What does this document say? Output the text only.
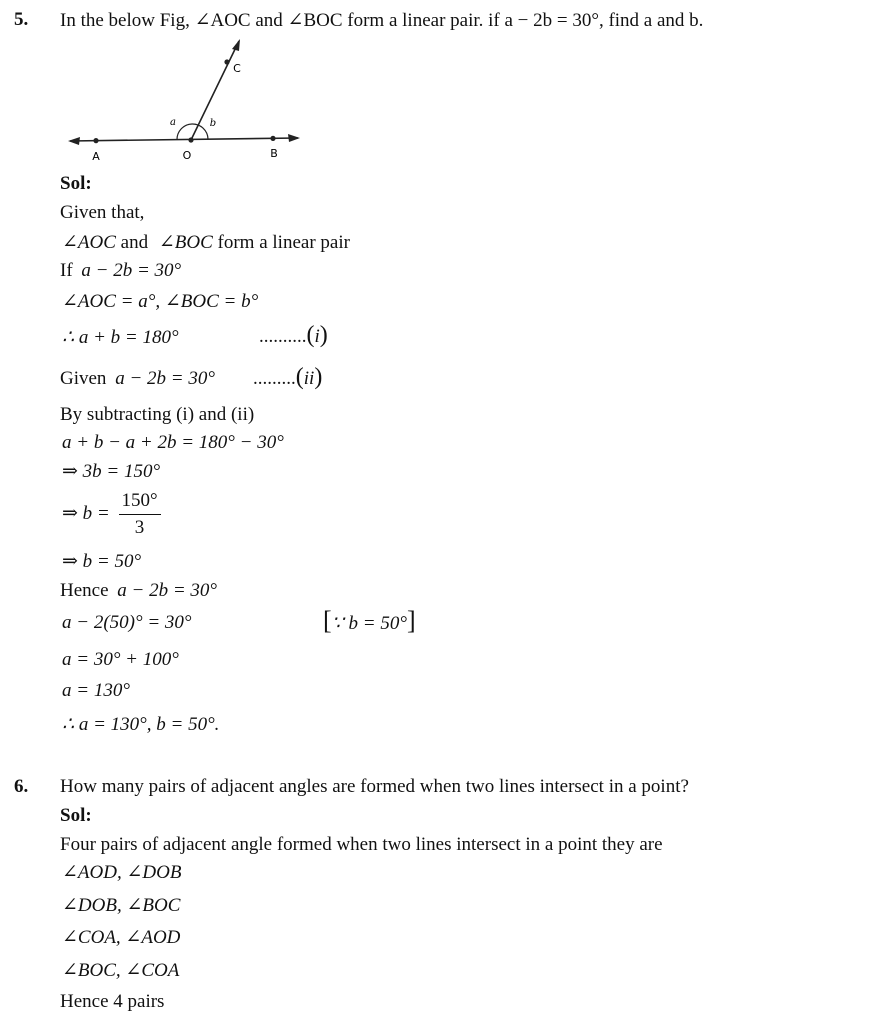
5. In the below Fig, ∠AOC and ∠BOC form a linear pair. if a − 2b = 30°, find a and b.
A	O	B
C
a	b
Sol:
Given that,
∠AOC and ∠BOC form a linear pair
If a − 2b = 30°
∠AOC = a°, ∠BOC = b°
∴ a + b = 180°	..........(i)
Given a − 2b = 30° .........(ii)
By subtracting (i) and (ii)
a + b − a + 2b = 180° − 30°
⇒ 3b = 150°
⇒ $b = \frac{150^\circ}{3}$
⇒ b = 50°
Hence a − 2b = 30°
a − 2(50)° = 30°	[∵ b = 50°]
a = 30° + 100°
a = 130°
∴ a = 130°, b = 50°.
6. How many pairs of adjacent angles are formed when two lines intersect in a point?
Sol:
Four pairs of adjacent angle formed when two lines intersect in a point they are
∠AOD, ∠DOB
∠DOB, ∠BOC
∠COA, ∠AOD
∠BOC, ∠COA
Hence 4 pairs
